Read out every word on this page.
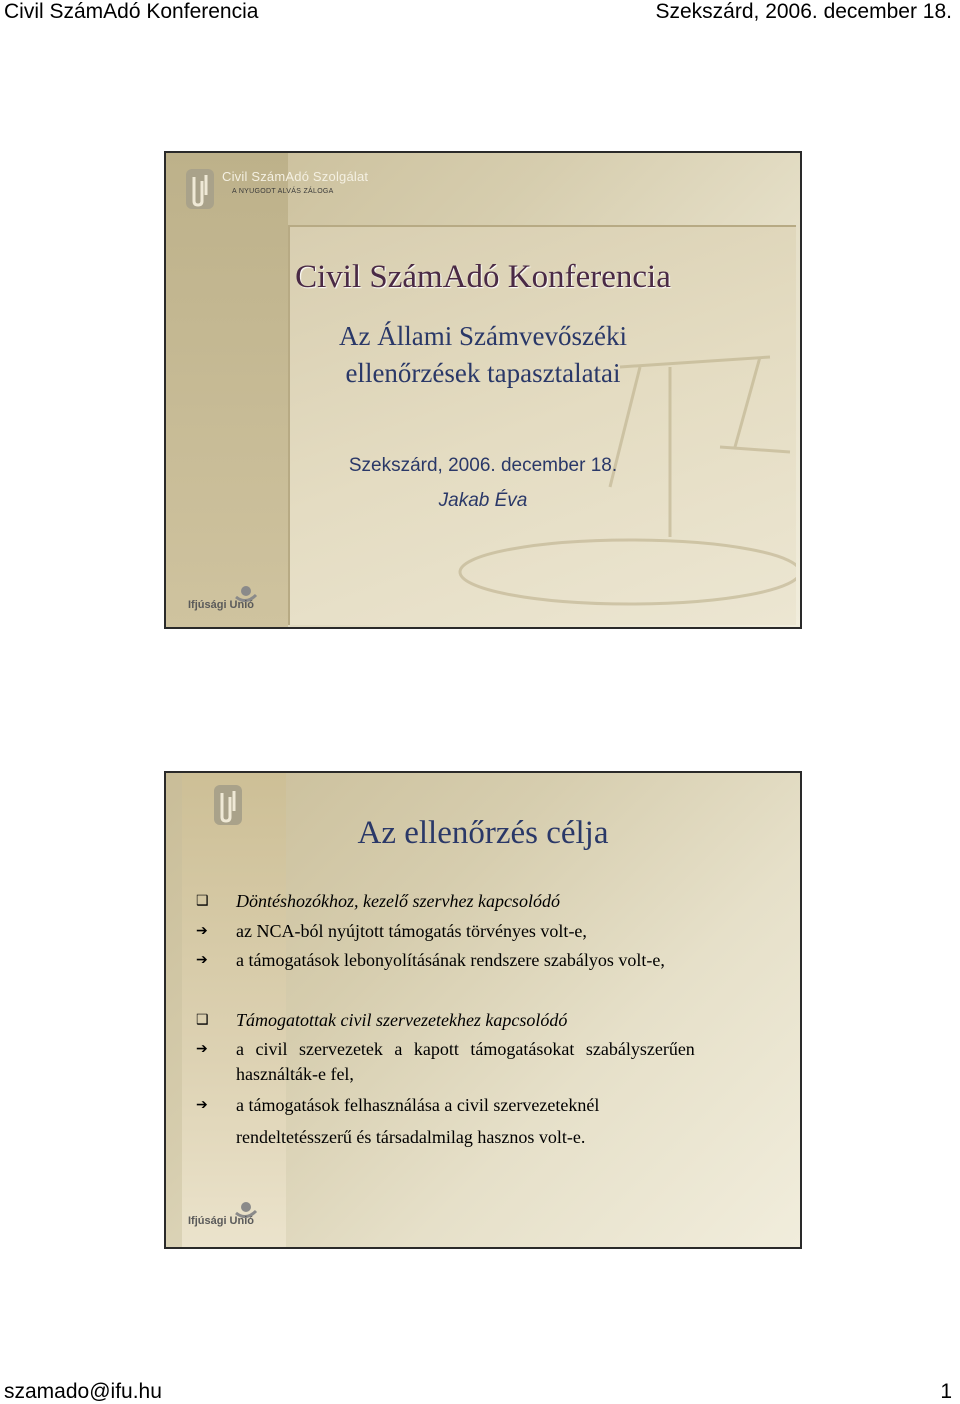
Civil SzámAdó Konferencia	Szekszárd, 2006. december 18.
Civil SzámAdó Szolgálat
A NYUGODT ALVÁS ZÁLOGA
Civil SzámAdó Konferencia
Az Állami Számvevőszéki
ellenőrzések tapasztalatai
Szekszárd, 2006. december 18.
Jakab Éva
Ifjúsági Unió
Az ellenőrzés célja
❑ Döntéshozókhoz, kezelő szervhez kapcsolódó
➔ az NCA-ból nyújtott támogatás törvényes volt-e,
➔ a támogatások lebonyolításának rendszere szabályos volt-e,
❑ Támogatottak civil szervezetekhez kapcsolódó
➔ a civil szervezetek a kapott támogatásokat szabályszerűen
használták-e fel,
➔ a támogatások felhasználása a civil szervezeteknél
rendeltetésszerű és társadalmilag hasznos volt-e.
Ifjúsági Unió
szamado@ifu.hu	1
